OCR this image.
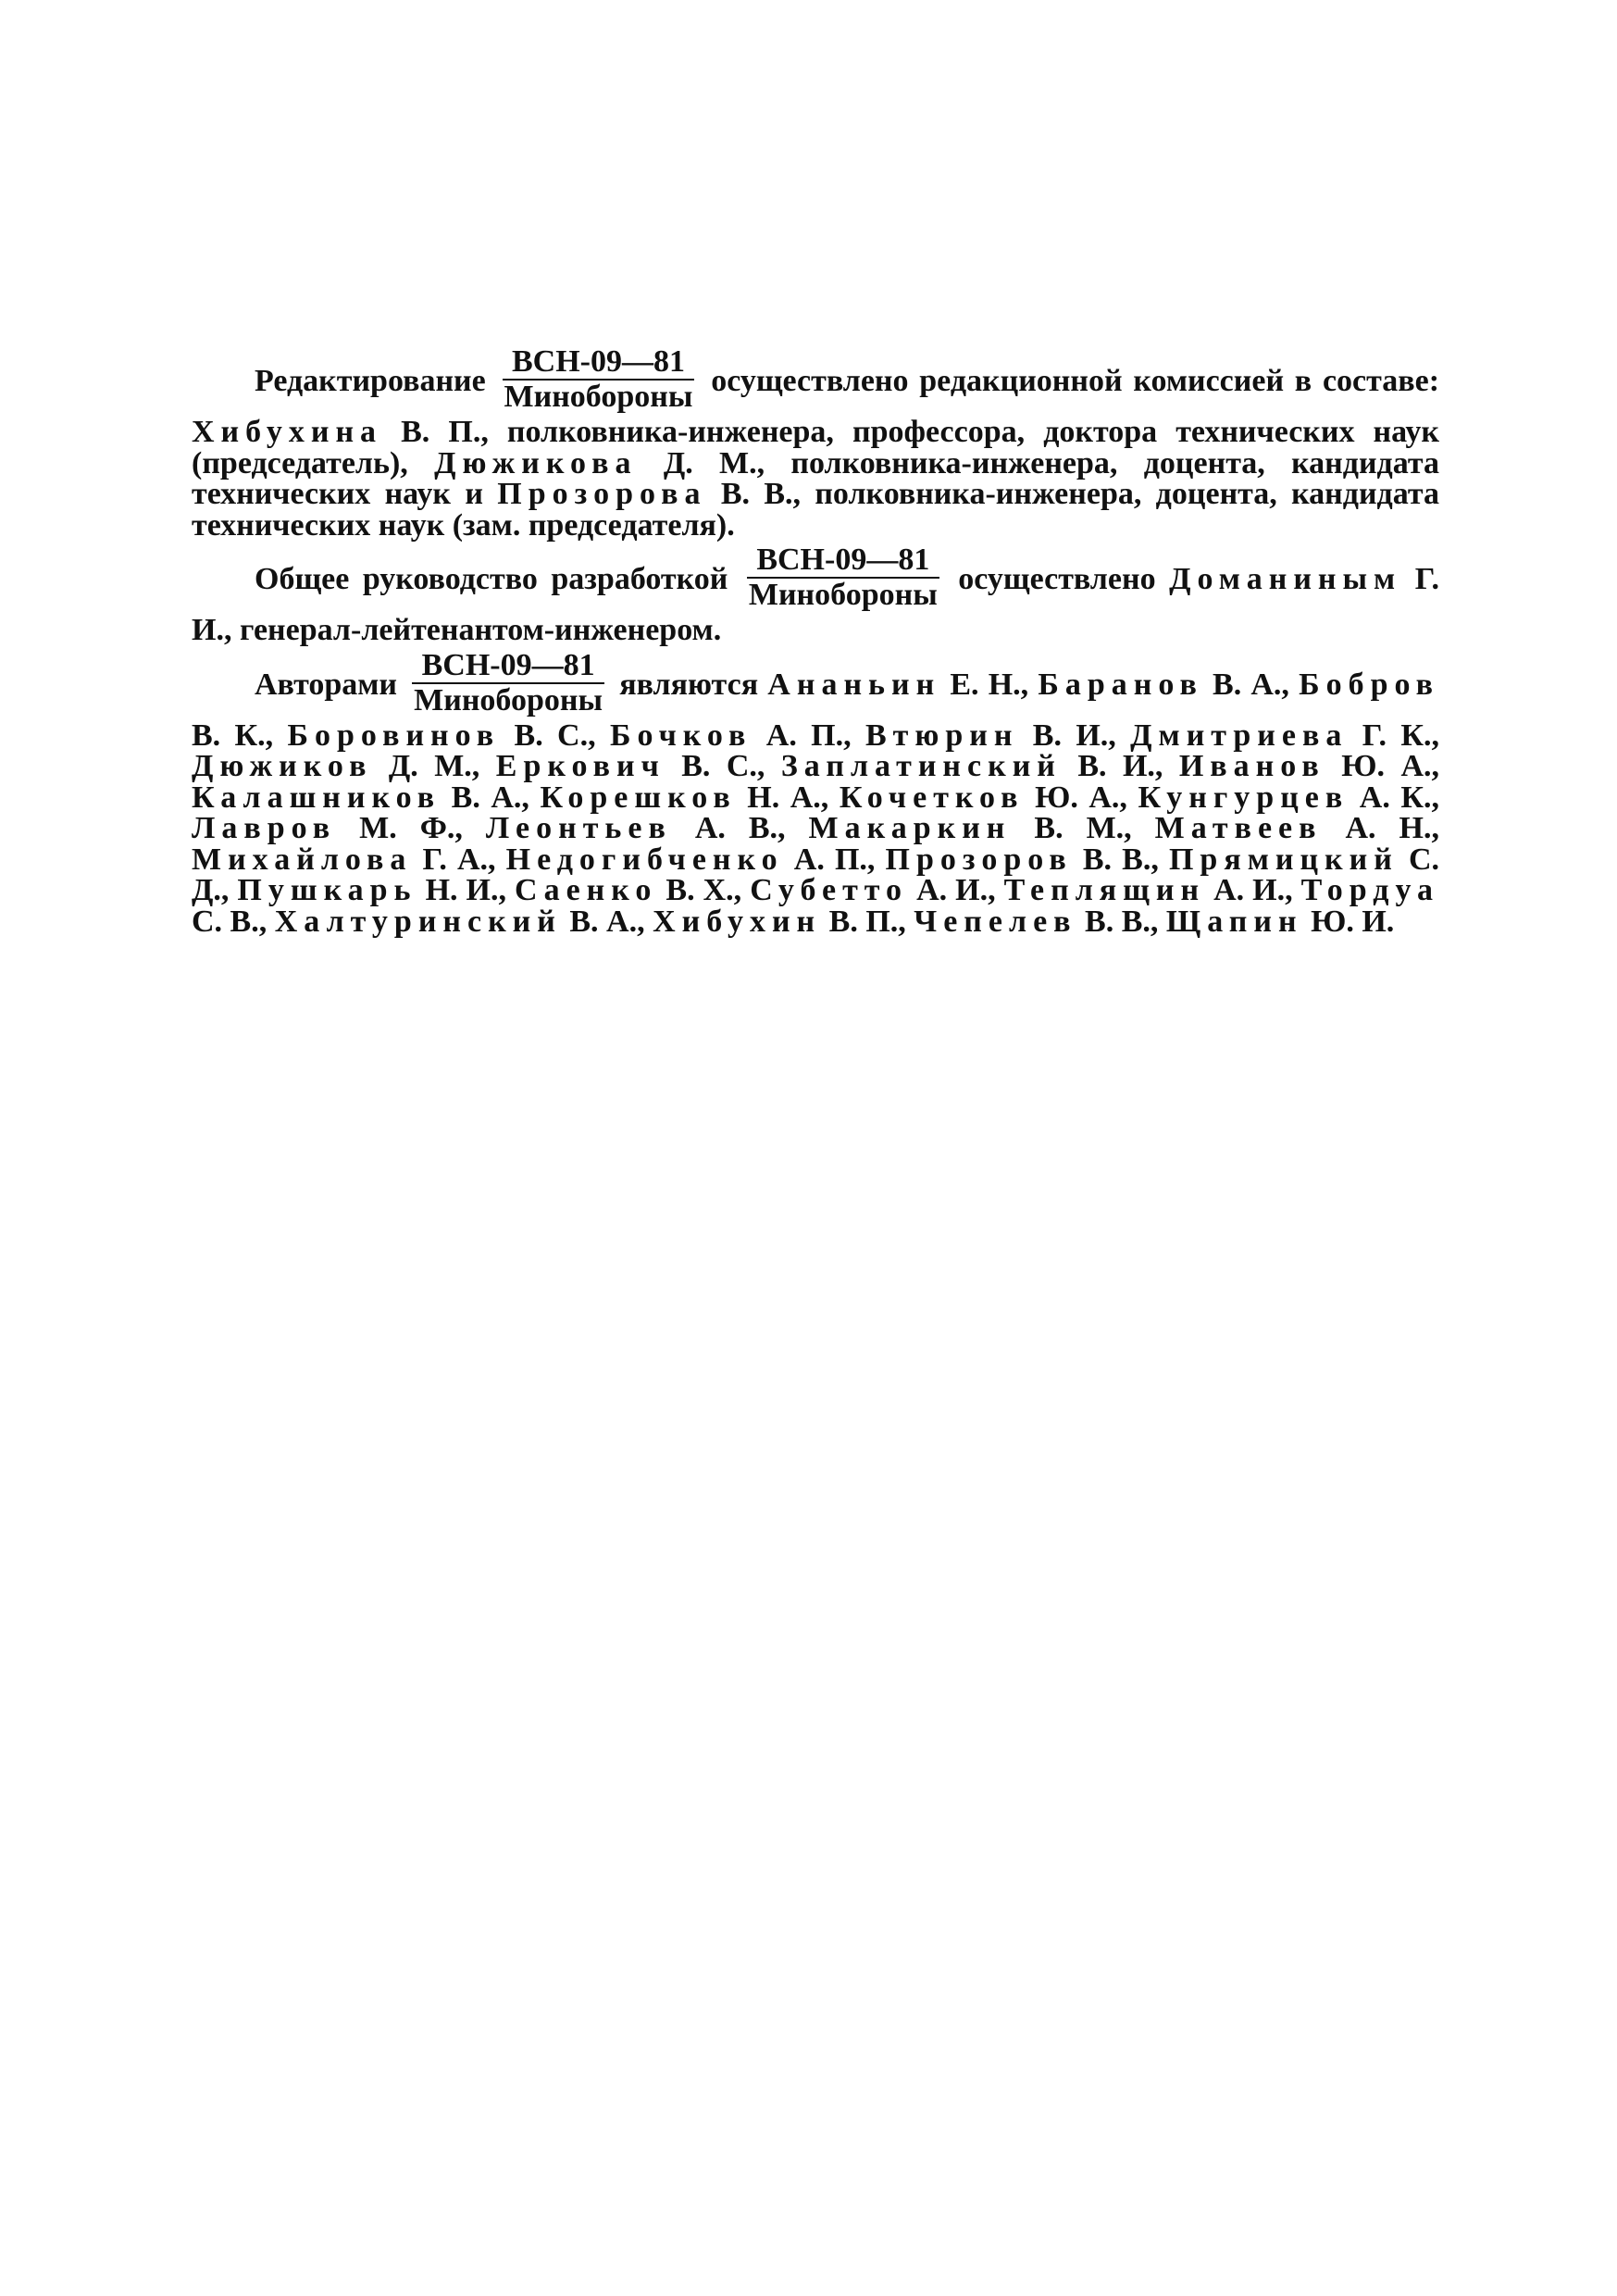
Редактирование $\frac{\text{ВСН-09—81}}{\text{Минобороны}}$ осуществлено редакционной комиссией в составе: Хибухина В. П., полковника-инженера, профессора, доктора технических наук (председатель), Дюжикова Д. М., полковника-инженера, доцента, кандидата технических наук и Прозорова В. В., полковника-инженера, доцента, кандидата технических наук (зам. председателя).

Общее руководство разработкой $\frac{\text{ВСН-09—81}}{\text{Минобороны}}$ осуществлено Доманиным Г. И., генерал-лейтенантом-инженером.

Авторами $\frac{\text{ВСН-09—81}}{\text{Минобороны}}$ являются Ананьин Е. Н., Баранов В. А., Бобров В. К., Боровинов В. С., Бочков А. П., Втюрин В. И., Дмитриева Г. К., Дюжиков Д. М., Еркович В. С., Заплатинский В. И., Иванов Ю. А., Калашников В. А., Корешков Н. А., Кочетков Ю. А., Кунгурцев А. К., Лавров М. Ф., Леонтьев А. В., Макаркин В. М., Матвеев А. Н., Михайлова Г. А., Недогибченко А. П., Прозоров В. В., Прямицкий С. Д., Пушкарь Н. И., Саенко В. Х., Субетто А. И., Теплящин А. И., Тордуа С. В., Халтуринский В. А., Хибухин В. П., Чепелев В. В., Щапин Ю. И.
